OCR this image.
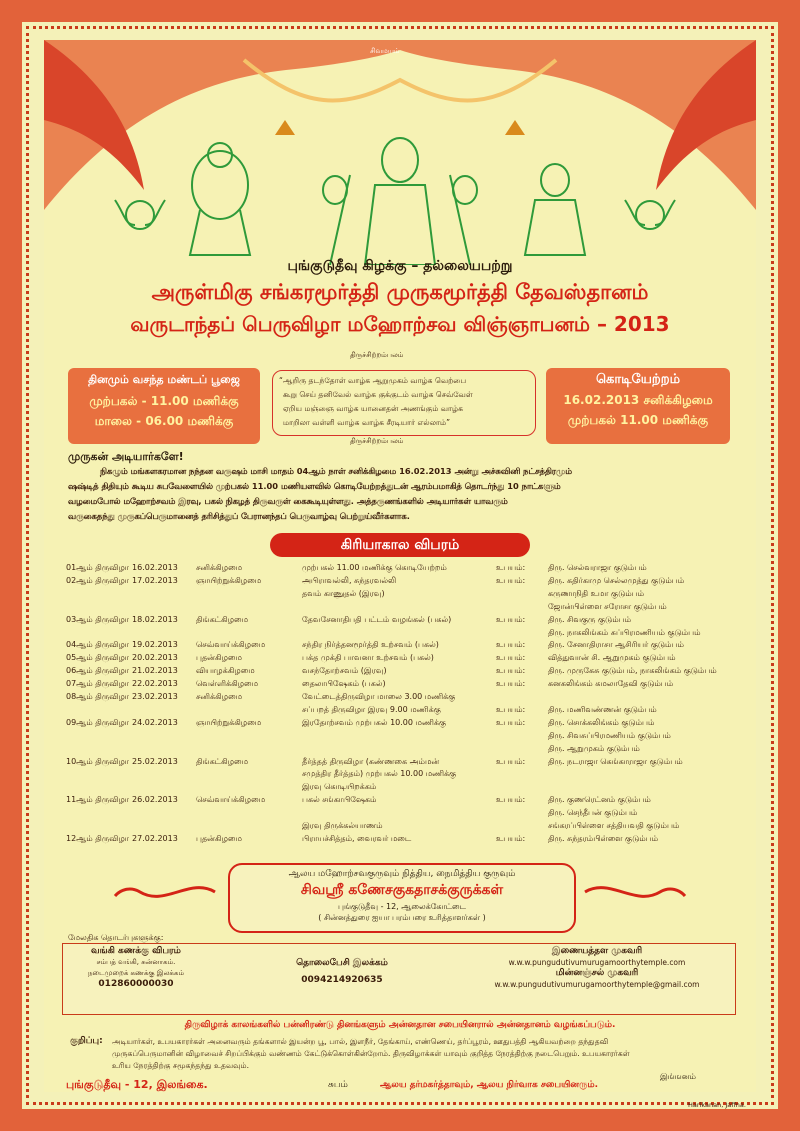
சிவமயம்
புங்குடுதீவு கிழக்கு – தல்லையபற்று
அருள்மிகு சங்கரமூர்த்தி முருகமூர்த்தி தேவஸ்தானம்
வருடாந்தப் பெருவிழா மஹோற்சவ விஞ்ஞாபனம் – 2013
தினமும் வசந்த மண்டப் பூஜை
முற்பகல் - 11.00 மணிக்கு
மாலை - 06.00 மணிக்கு
திருச்சிற்றம்பலம்
“ஆறிரு தடந்தோள் வாழ்க ஆறுமுகம் வாழ்க வெற்பை
கூறு செய் தனிவேல் வாழ்க குக்குடம் வாழ்க செவ்வேள்
ஏறிய மஞ்ஞை வாழ்க யானைதன் அணங்கும் வாழ்க
மாறிலா வள்ளி வாழ்க வாழ்க சீரடியார் எல்லாம்”
திருச்சிற்றம்பலம்
கொடியேற்றம்
16.02.2013 சனிக்கிழமை
முற்பகல் 11.00 மணிக்கு
முருகன் அடியார்களே!
நிகழும் மங்களகரமான நந்தன வருஷம் மாசி மாதம் 04ஆம் நாள் சனிக்கிழமை 16.02.2013 அன்று அச்சுவினி நட்சத்திரமும்
ஷஷ்டித் திதியும் கூடிய சுபவேளையில் முற்பகல் 11.00 மணியளவில் கொடியேற்றத்துடன் ஆரம்பமாகித் தொடர்ந்து 10 நாட்களும்
வழமைபோல் மஹோற்சவம் இரவு, பகல் நிகழத் திருவருள் கைகூடியுள்ளது. அத்தருணங்களில் அடியார்கள் யாவரும்
வருகைதந்து முருகப்பெருமானைத் தரிசித்துப் பேரானந்தப் பெருவாழ்வு பெற்றுய்வீர்களாக.
கிரியாகால விபரம்
01ஆம் திருவிழா 16.02.2013 சனிக்கிழமை	முற்பகல் 11.00 மணிக்கு கொடியேற்றம்	உபயம்:	திரு. செல்வராஜா குடும்பம்
02ஆம் திருவிழா 17.02.2013 ஞாயிற்றுக்கிழமை	அபிராவல்லி, சுந்தரவல்லி	உபயம்:	திரு. கதிர்காமு செல்லமுத்து குடும்பம்
தவம் காணுதல் (இரவு)	கருணாநிதி உமா குடும்பம்
ஜோன்பிள்ளை சரோசா குடும்பம்
03ஆம் திருவிழா 18.02.2013 திங்கட்கிழமை	தேவசேனாதிபதி பட்டம் வழங்கல் (பகல்)	உபயம்:	திரு. சிவகுரு குடும்பம்
திரு. நாகலிங்கம் சுப்பிரமணியம் குடும்பம்
04ஆம் திருவிழா 19.02.2013 செவ்வாய்க்கிழமை	சந்திர நிர்த்தனமூர்த்தி உற்சவம் (பகல்)	உபயம்:	திரு. சேனாதிராசா ஆசிரியர் குடும்பம்
05ஆம் திருவிழா 20.02.2013 புதன்கிழமை	பக்த முக்தி பாவனா உற்சவம் (பகல்)	உபயம்:	வித்துவான் சி. ஆறுமுகம் குடும்பம்
06ஆம் திருவிழா 21.02.2013 வியாழக்கிழமை	வசந்தோற்சவம் (இரவு)	உபயம்:	திரு. முருகேசு குடும்பம், நாகலிங்கம் குடும்பம்
07ஆம் திருவிழா 22.02.2013 வெள்ளிக்கிழமை	தைலாபிஷேகம் (பகல்)	உபயம்:	கனகலிங்கம் கமலாதேவி குடும்பம்
08ஆம் திருவிழா 23.02.2013 சனிக்கிழமை	வேட்டைத்திருவிழா மாலை 3.00 மணிக்கு
சப்பறத் திருவிழா இரவு 9.00 மணிக்கு	உபயம்:	திரு. மணிவண்ணன் குடும்பம்
09ஆம் திருவிழா 24.02.2013 ஞாயிற்றுக்கிழமை	இரதோற்சவம் முற்பகல் 10.00 மணிக்கு	உபயம்:	திரு. சொக்கலிங்கம் குடும்பம்
திரு. சிவசுப்பிரமணியம் குடும்பம்
திரு. ஆறுமுகம் குடும்பம்
10ஆம் திருவிழா 25.02.2013 திங்கட்கிழமை	தீர்த்தத் திருவிழா (கண்ணகை அம்மன்	உபயம்:	திரு. நடராஜா கெங்காராஜா குடும்பம்
சமுத்திர தீர்த்தம்) முற்பகல் 10.00 மணிக்கு
இரவு கொடியிறக்கம்
11ஆம் திருவிழா 26.02.2013 செவ்வாய்க்கிழமை	பகல் சங்காபிஷேகம்	உபயம்:	திரு. குணரெட்னம் குடும்பம்
திரு. செந்தீபன் குடும்பம்
இரவு திருக்கல்யாணம்	சங்கரப்பிள்ளை சத்தியவதி குடும்பம்
12ஆம் திருவிழா 27.02.2013 புதன்கிழமை	பிராயச்சித்தம், வைரவர் மடை	உபயம்:	திரு. சுந்தரம்பிள்ளை குடும்பம்
ஆலய மஹோற்சவகுருவும் நித்திய, நைமித்திய குருவும்
சிவஸ்ரீ கணேசகுகதாசக்குருக்கள்
புங்குடுதீவு - 12, ஆலைக்கோட்டை
( சின்னத்துரை ஐயா பரம்பரை உரித்தாளர்கள் )
மேலதிக தொடர்புகளுக்கு:
வங்கி கணக்கு விபரம்
சம்பத் வங்கி, சுன்னாகம்.
நடைமுறைக் கணக்கு இலக்கம்
012860000030
தொலைபேசி இலக்கம்
0094214920635
இணையத்தள முகவரி
w.w.w.pungudutivumurugamoorthytemple.com
மின்னஞ்சல் முகவரி
w.w.w.pungudutivumurugamoorthytemple@gmail.com
திருவிழாக் காலங்களில் பன்னிரண்டு தினங்களும் அன்னதான சபையினரால் அன்னதானம் வழங்கப்படும்.
குறிப்பு: அடியார்கள், உபயகாரர்கள் அனைவரும் தங்களால் இயன்ற பூ, பால், இளநீர், தேங்காய், எண்ணெய், தர்ப்பூரம், ஊதுபத்தி ஆகியவற்றை தந்துதவி
முருகப்பெருமானின் விழாவைச் சிறப்பிக்கும் வண்ணம் கேட்டுக்கொள்கின்றோம். திருவிழாக்கள் யாவும் குறித்த நேரத்திற்கு நடைபெறும். உபயகாரர்கள்
உரிய நேரத்திற்கு சமூகந்தந்து உதவவும்.
இங்ஙனம்
புங்குடுதீவு - 12, இலங்கை.	சுபம்	ஆலய தர்மகர்த்தாவும், ஆலய நிர்வாக சபையினரும்.
Harikanan, Jaffna.
